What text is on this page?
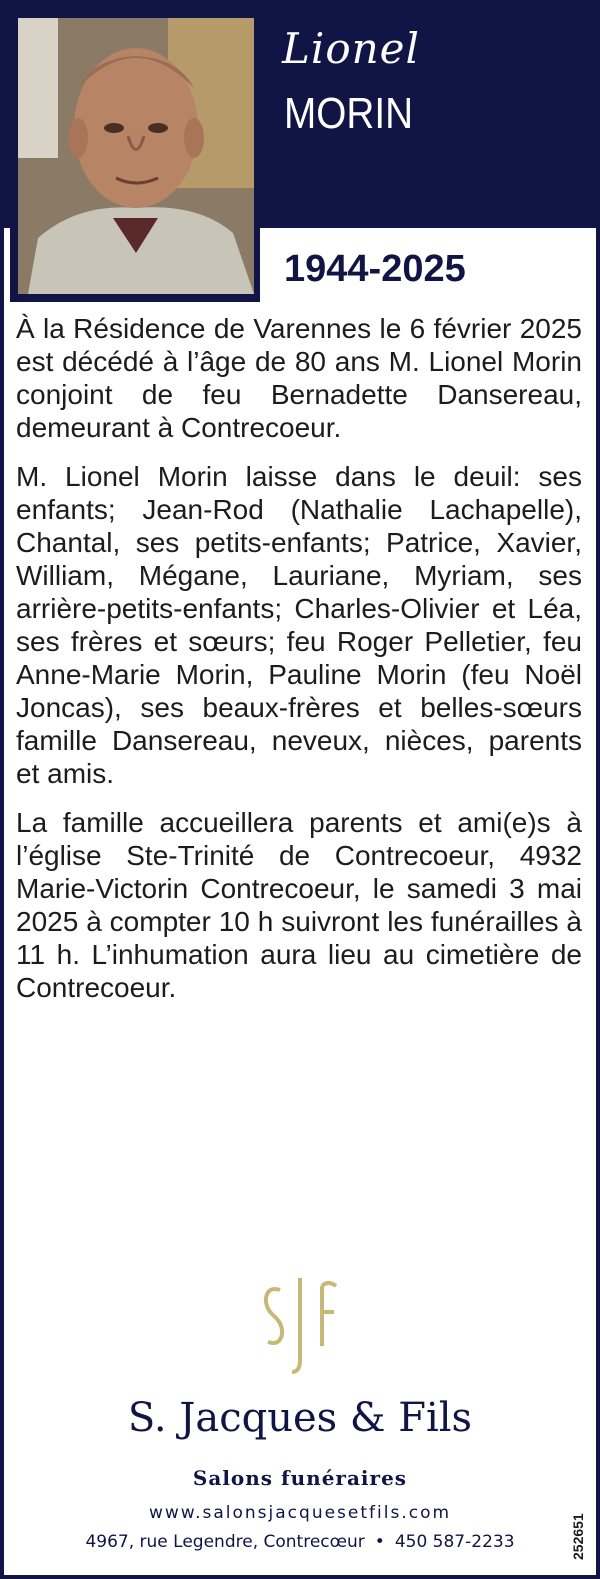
Lionel
MORIN
1944-2025

À la Résidence de Varennes le 6 février 2025 est décédé à l’âge de 80 ans M. Lionel Morin conjoint de feu Bernadette Dansereau, demeurant à Contrecoeur.

M. Lionel Morin laisse dans le deuil: ses enfants; Jean-Rod (Nathalie Lachapelle), Chantal, ses petits-enfants; Patrice, Xavier, William, Mégane, Lauriane, Myriam, ses arrière-petits-enfants; Charles-Olivier et Léa, ses frères et sœurs; feu Roger Pelletier, feu Anne-Marie Morin, Pauline Morin (feu Noël Joncas), ses beaux-frères et belles-sœurs famille Dansereau, neveux, nièces, parents et amis.

La famille accueillera parents et ami(e)s à l’église Ste-Trinité de Contrecoeur, 4932 Marie-Victorin Contrecoeur, le samedi 3 mai 2025 à compter 10 h suivront les funérailles à 11 h. L’inhumation aura lieu au cimetière de Contrecoeur.

S. Jacques & Fils
Salons funéraires
www.salonsjacquesetfils.com
4967, rue Legendre, Contrecœur • 450 587-2233	252651
